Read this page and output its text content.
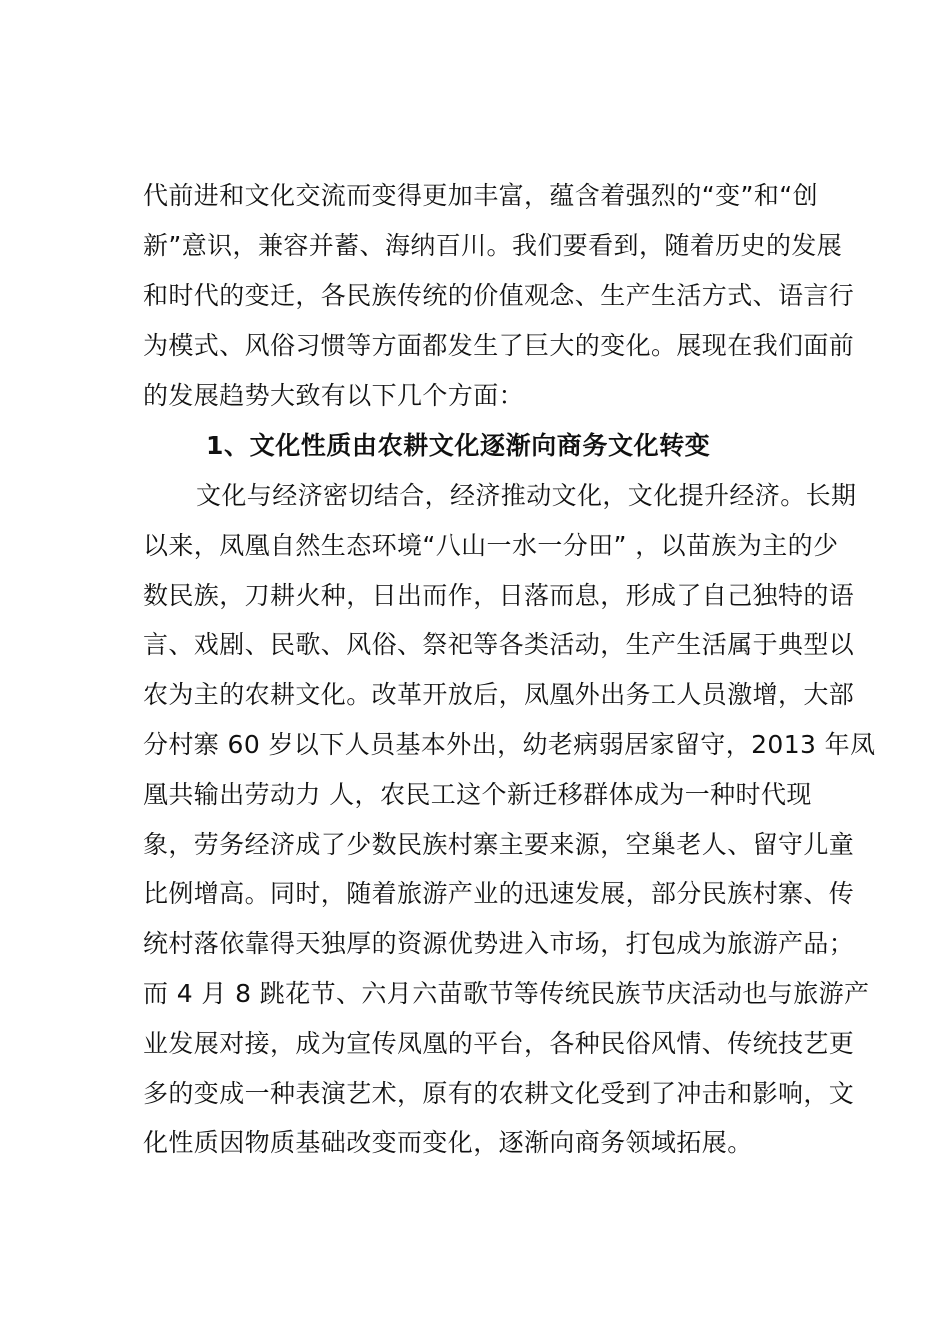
代前进和文化交流而变得更加丰富，蕴含着强烈的“变”和“创
新”意识，兼容并蓄、海纳百川。我们要看到，随着历史的发展
和时代的变迁，各民族传统的价值观念、生产生活方式、语言行
为模式、风俗习惯等方面都发生了巨大的变化。展现在我们面前
的发展趋势大致有以下几个方面：
1、文化性质由农耕文化逐渐向商务文化转变
文化与经济密切结合，经济推动文化，文化提升经济。长期
以来，凤凰自然生态环境“八山一水一分田” ，以苗族为主的少
数民族，刀耕火种，日出而作，日落而息，形成了自己独特的语
言、戏剧、民歌、风俗、祭祀等各类活动，生产生活属于典型以
农为主的农耕文化。改革开放后，凤凰外出务工人员激增，大部
分村寨 60 岁以下人员基本外出，幼老病弱居家留守，2013 年凤
凰共输出劳动力 人，农民工这个新迁移群体成为一种时代现
象，劳务经济成了少数民族村寨主要来源，空巢老人、留守儿童
比例增高。同时，随着旅游产业的迅速发展，部分民族村寨、传
统村落依靠得天独厚的资源优势进入市场，打包成为旅游产品；
而 4 月 8 跳花节、六月六苗歌节等传统民族节庆活动也与旅游产
业发展对接，成为宣传凤凰的平台，各种民俗风情、传统技艺更
多的变成一种表演艺术，原有的农耕文化受到了冲击和影响，文
化性质因物质基础改变而变化，逐渐向商务领域拓展。
